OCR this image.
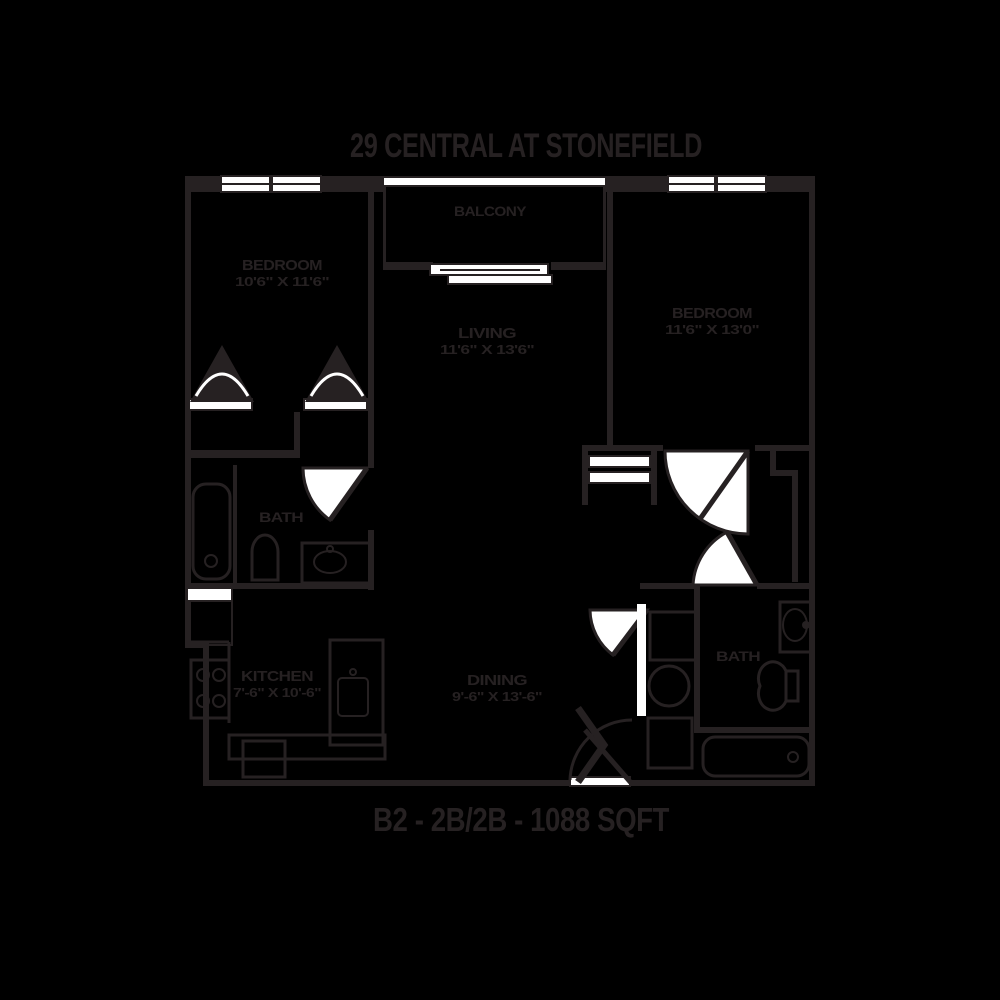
29 CENTRAL AT STONEFIELD
BALCONY
BEDROOM
10'6" X 11'6"
LIVING
11'6" X 13'6"
BEDROOM
11'6" X 13'0"
BATH
BATH
KITCHEN
7'-6" X 10'-6"
DINING
9'-6" X 13'-6"
B2 - 2B/2B - 1088 SQFT
